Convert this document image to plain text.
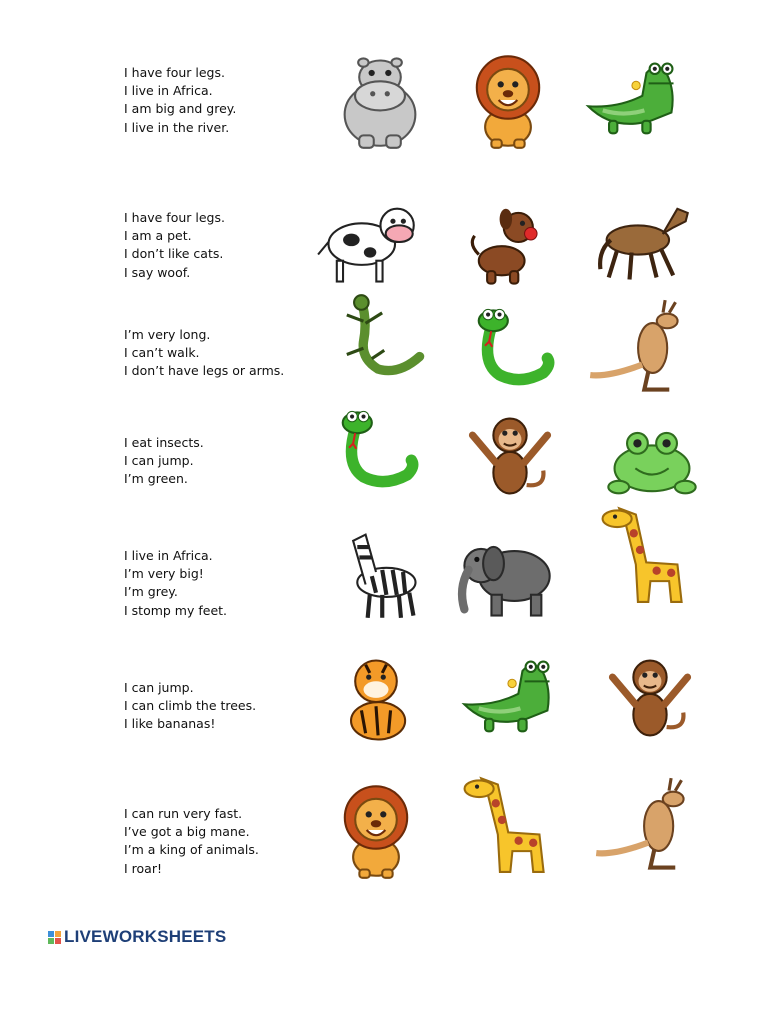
I have four legs.
I live in Africa.
I am big and grey.
I live in the river.
I have four legs.
I am a pet.
I don’t like cats.
I say woof.
I’m very long.
I can’t walk.
I don’t have legs or arms.
I eat insects.
I can jump.
I’m green.
I live in Africa.
I’m very big!
I’m grey.
I stomp my feet.
I can jump.
I can climb the trees.
I like bananas!
I can run very fast.
I’ve got a big mane.
I’m a king of animals.
I roar!
LIVEWORKSHEETS
